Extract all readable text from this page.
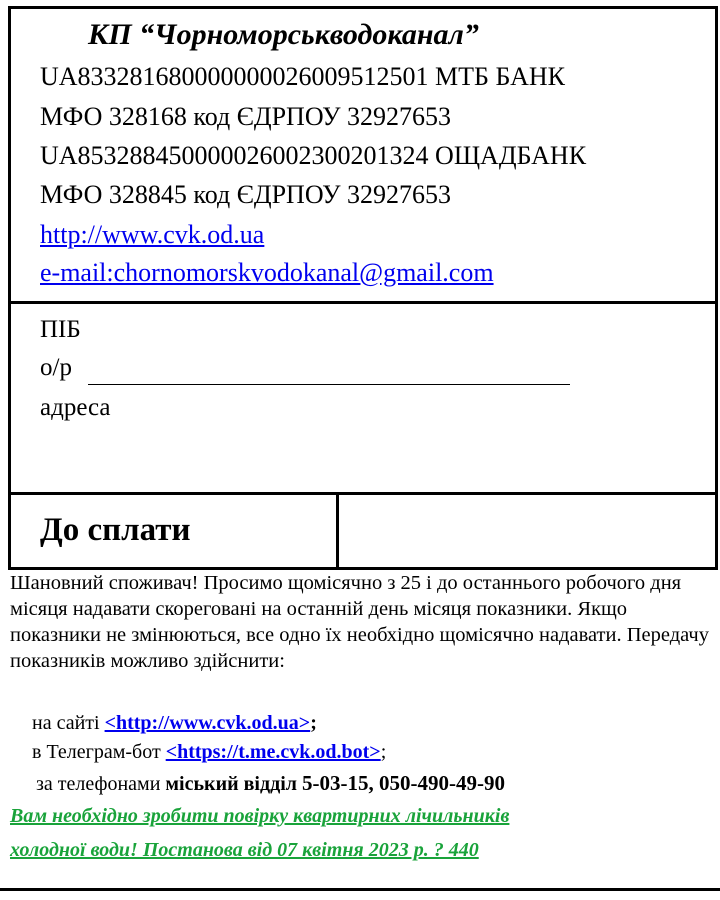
КП “Чорноморськводоканал”
UA833281680000000026009512501 МТБ БАНК
МФО 328168 код ЄДРПОУ 32927653
UA853288450000026002300201324 ОЩАДБАНК
МФО 328845 код ЄДРПОУ 32927653
http://www.cvk.od.ua
e-mail:chornomorskvodokanal@gmail.com
ПІБ
о/р
адреса
До сплати
Шановний споживач! Просимо щомісячно з 25 і до останнього робочого дня місяця надавати скореговані на останній день місяця показники. Якщо показники не змінюються, все одно їх необхідно щомісячно надавати. Передачу показників можливо здійснити:
на сайті <http://www.cvk.od.ua>;
в Телеграм-бот <https://t.me.cvk.od.bot>;
за телефонами міський відділ 5-03-15, 050-490-49-90
Вам необхідно зробити повірку квартирних лічильників
холодної води! Постанова від 07 квітня 2023 р. ? 440
